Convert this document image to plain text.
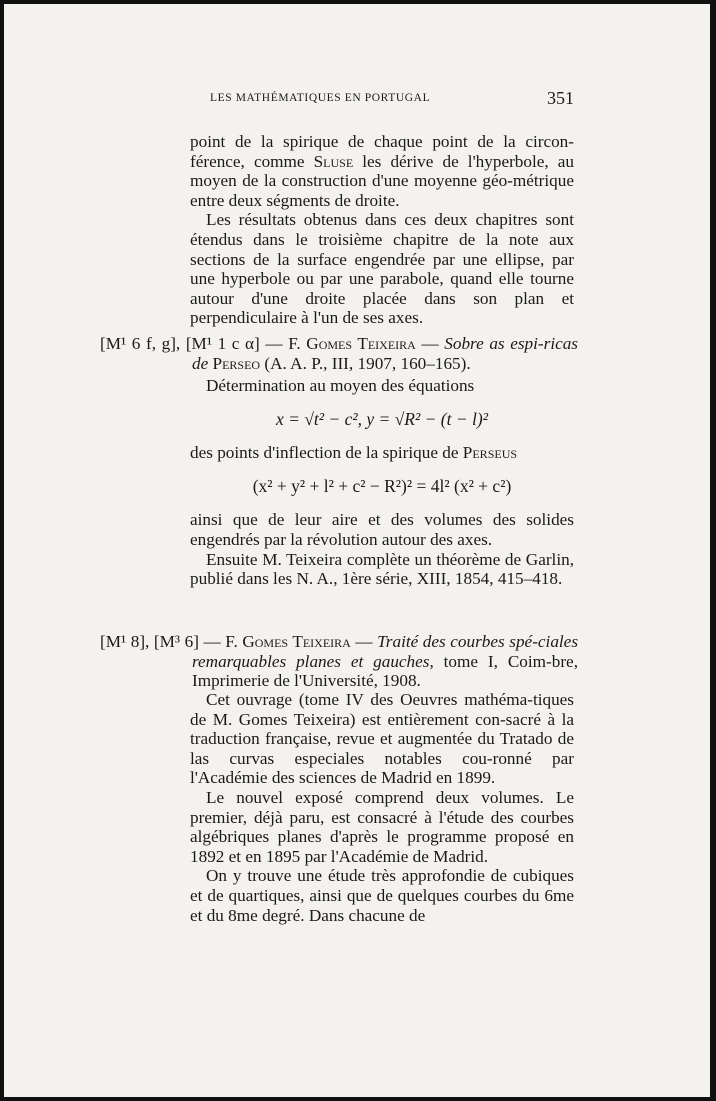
LES MATHÉMATIQUES EN PORTUGAL	351

point de la spirique de chaque point de la circon-férence, comme Sluse les dérive de l'hyperbole, au moyen de la construction d'une moyenne géo-métrique entre deux ségments de droite.

Les résultats obtenus dans ces deux chapitres sont étendus dans le troisième chapitre de la note aux sections de la surface engendrée par une ellipse, par une hyperbole ou par une parabole, quand elle tourne autour d'une droite placée dans son plan et perpendiculaire à l'un de ses axes.

[M¹ 6 f, g], [M¹ 1 c α] — F. Gomes Teixeira — Sobre as espi-ricas de Perseo (A. A. P., III, 1907, 160–165).

Détermination au moyen des équations

x = √t² − c², y = √R² − (t − l)²

des points d'inflection de la spirique de Perseus

(x² + y² + l² + c² − R²)² = 4l² (x² + c²)

ainsi que de leur aire et des volumes des solides engendrés par la révolution autour des axes.

Ensuite M. Teixeira complète un théorème de Garlin, publié dans les N. A., 1ère série, XIII, 1854, 415–418.

[M¹ 8], [M³ 6] — F. Gomes Teixeira — Traité des courbes spé-ciales remarquables planes et gauches, tome I, Coim-bre, Imprimerie de l'Université, 1908.

Cet ouvrage (tome IV des Oeuvres mathéma-tiques de M. Gomes Teixeira) est entièrement con-sacré à la traduction française, revue et augmentée du Tratado de las curvas especiales notables cou-ronné par l'Académie des sciences de Madrid en 1899.

Le nouvel exposé comprend deux volumes. Le premier, déjà paru, est consacré à l'étude des courbes algébriques planes d'après le programme proposé en 1892 et en 1895 par l'Académie de Madrid.

On y trouve une étude très approfondie de cubiques et de quartiques, ainsi que de quelques courbes du 6me et du 8me degré. Dans chacune de
